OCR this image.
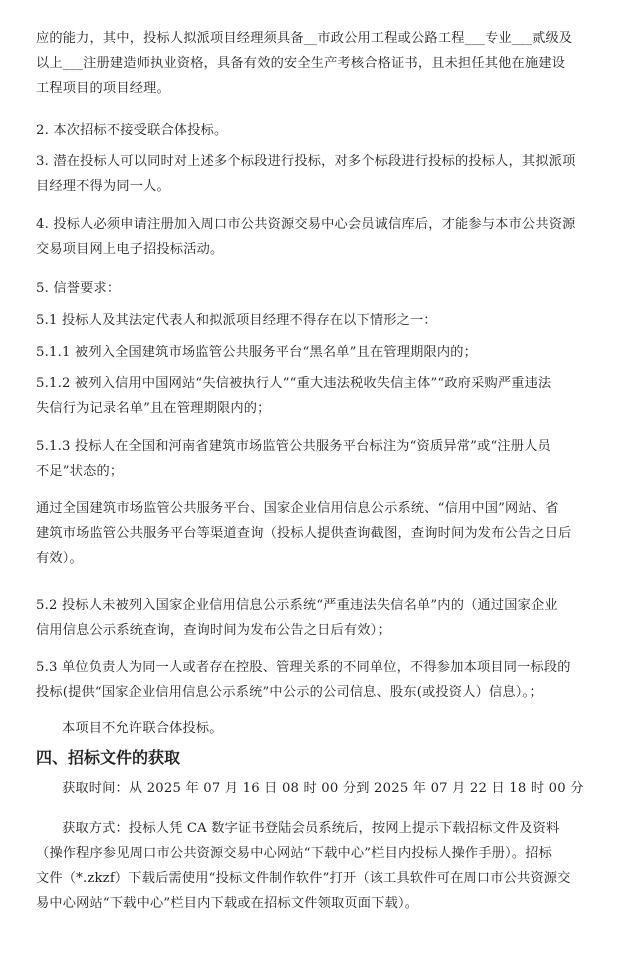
应的能力，其中，投标人拟派项目经理须具备__市政公用工程或公路工程___专业___贰级及
以上___注册建造师执业资格，具备有效的安全生产考核合格证书，且未担任其他在施建设
工程项目的项目经理。
2. 本次招标不接受联合体投标。
3. 潜在投标人可以同时对上述多个标段进行投标，对多个标段进行投标的投标人，其拟派项
目经理不得为同一人。
4. 投标人必须申请注册加入周口市公共资源交易中心会员诚信库后，才能参与本市公共资源
交易项目网上电子招投标活动。
5. 信誉要求：
5.1 投标人及其法定代表人和拟派项目经理不得存在以下情形之一：
5.1.1 被列入全国建筑市场监管公共服务平台“黑名单”且在管理期限内的；
5.1.2 被列入信用中国网站“失信被执行人”“重大违法税收失信主体”“政府采购严重违法
失信行为记录名单”且在管理期限内的；
5.1.3 投标人在全国和河南省建筑市场监管公共服务平台标注为“资质异常”或“注册人员
不足”状态的；
通过全国建筑市场监管公共服务平台、国家企业信用信息公示系统、“信用中国”网站、省
建筑市场监管公共服务平台等渠道查询（投标人提供查询截图，查询时间为发布公告之日后
有效）。
5.2 投标人未被列入国家企业信用信息公示系统“严重违法失信名单”内的（通过国家企业
信用信息公示系统查询，查询时间为发布公告之日后有效）；
5.3 单位负责人为同一人或者存在控股、管理关系的不同单位，不得参加本项目同一标段的
投标(提供“国家企业信用信息公示系统”中公示的公司信息、股东(或投资人）信息）。；
本项目不允许联合体投标。
四、招标文件的获取
获取时间：从 2025 年 07 月 16 日 08 时 00 分到 2025 年 07 月 22 日 18 时 00 分
获取方式：投标人凭 CA 数字证书登陆会员系统后，按网上提示下载招标文件及资料
（操作程序参见周口市公共资源交易中心网站“下载中心”栏目内投标人操作手册）。招标
文件（*.zkzf）下载后需使用“投标文件制作软件”打开（该工具软件可在周口市公共资源交
易中心网站“下载中心”栏目内下载或在招标文件领取页面下载）。
